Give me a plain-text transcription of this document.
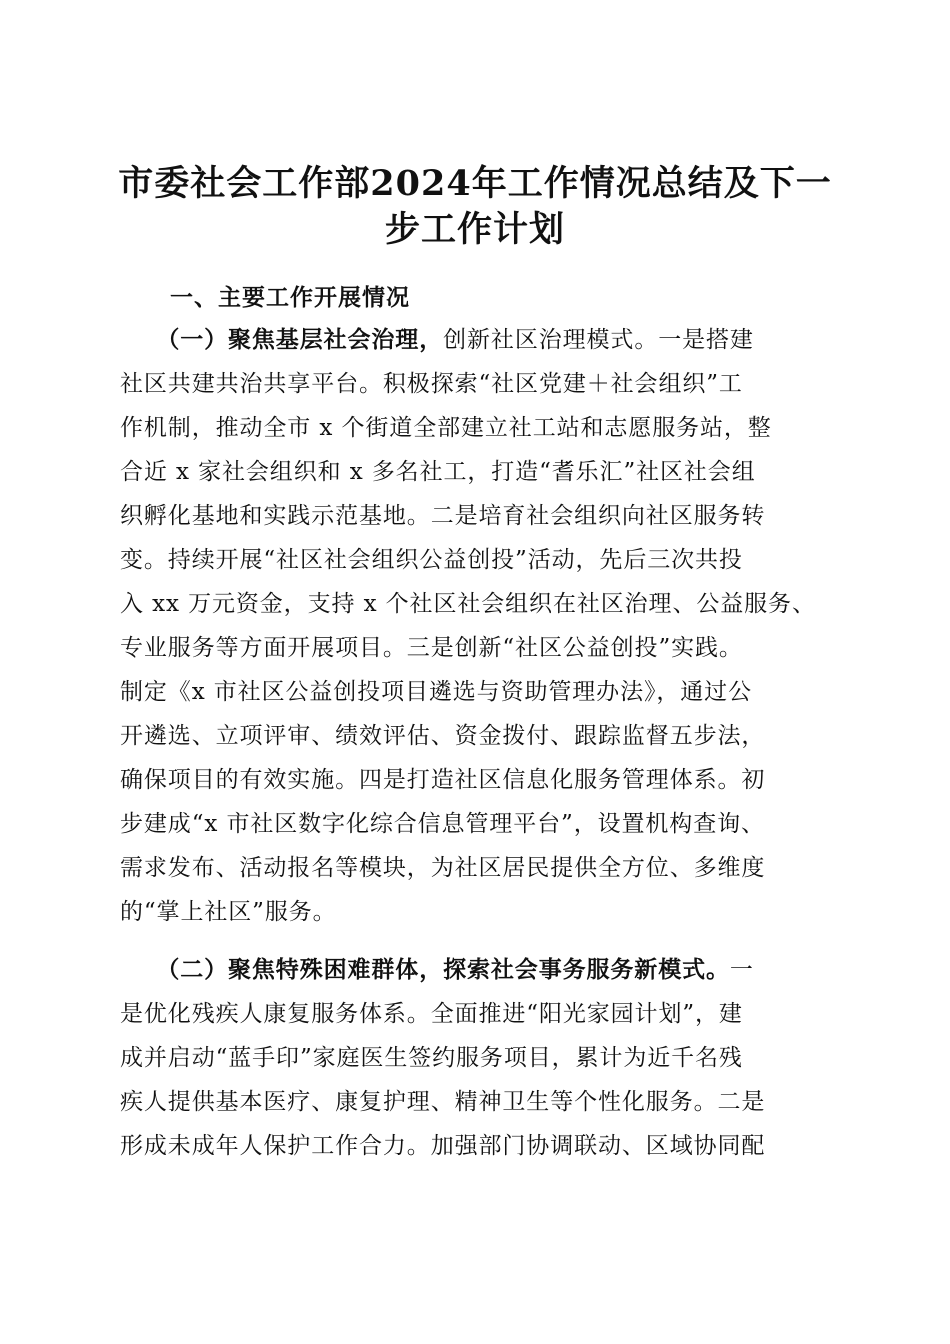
市委社会工作部2024年工作情况总结及下一
步工作计划
一、主要工作开展情况
　　（一）聚焦基层社会治理，创新社区治理模式。一是搭建
社区共建共治共享平台。积极探索“社区党建＋社会组织”工
作机制，推动全市 x 个街道全部建立社工站和志愿服务站，整
合近 x 家社会组织和 x 多名社工，打造“耆乐汇”社区社会组
织孵化基地和实践示范基地。二是培育社会组织向社区服务转
变。持续开展“社区社会组织公益创投”活动，先后三次共投
入 xx 万元资金，支持 x 个社区社会组织在社区治理、公益服务、
专业服务等方面开展项目。三是创新“社区公益创投”实践。
制定《x 市社区公益创投项目遴选与资助管理办法》，通过公
开遴选、立项评审、绩效评估、资金拨付、跟踪监督五步法，
确保项目的有效实施。四是打造社区信息化服务管理体系。初
步建成“x 市社区数字化综合信息管理平台”，设置机构查询、
需求发布、活动报名等模块，为社区居民提供全方位、多维度
的“掌上社区”服务。
　　（二）聚焦特殊困难群体，探索社会事务服务新模式。一
是优化残疾人康复服务体系。全面推进“阳光家园计划”，建
成并启动“蓝手印”家庭医生签约服务项目，累计为近千名残
疾人提供基本医疗、康复护理、精神卫生等个性化服务。二是
形成未成年人保护工作合力。加强部门协调联动、区域协同配
